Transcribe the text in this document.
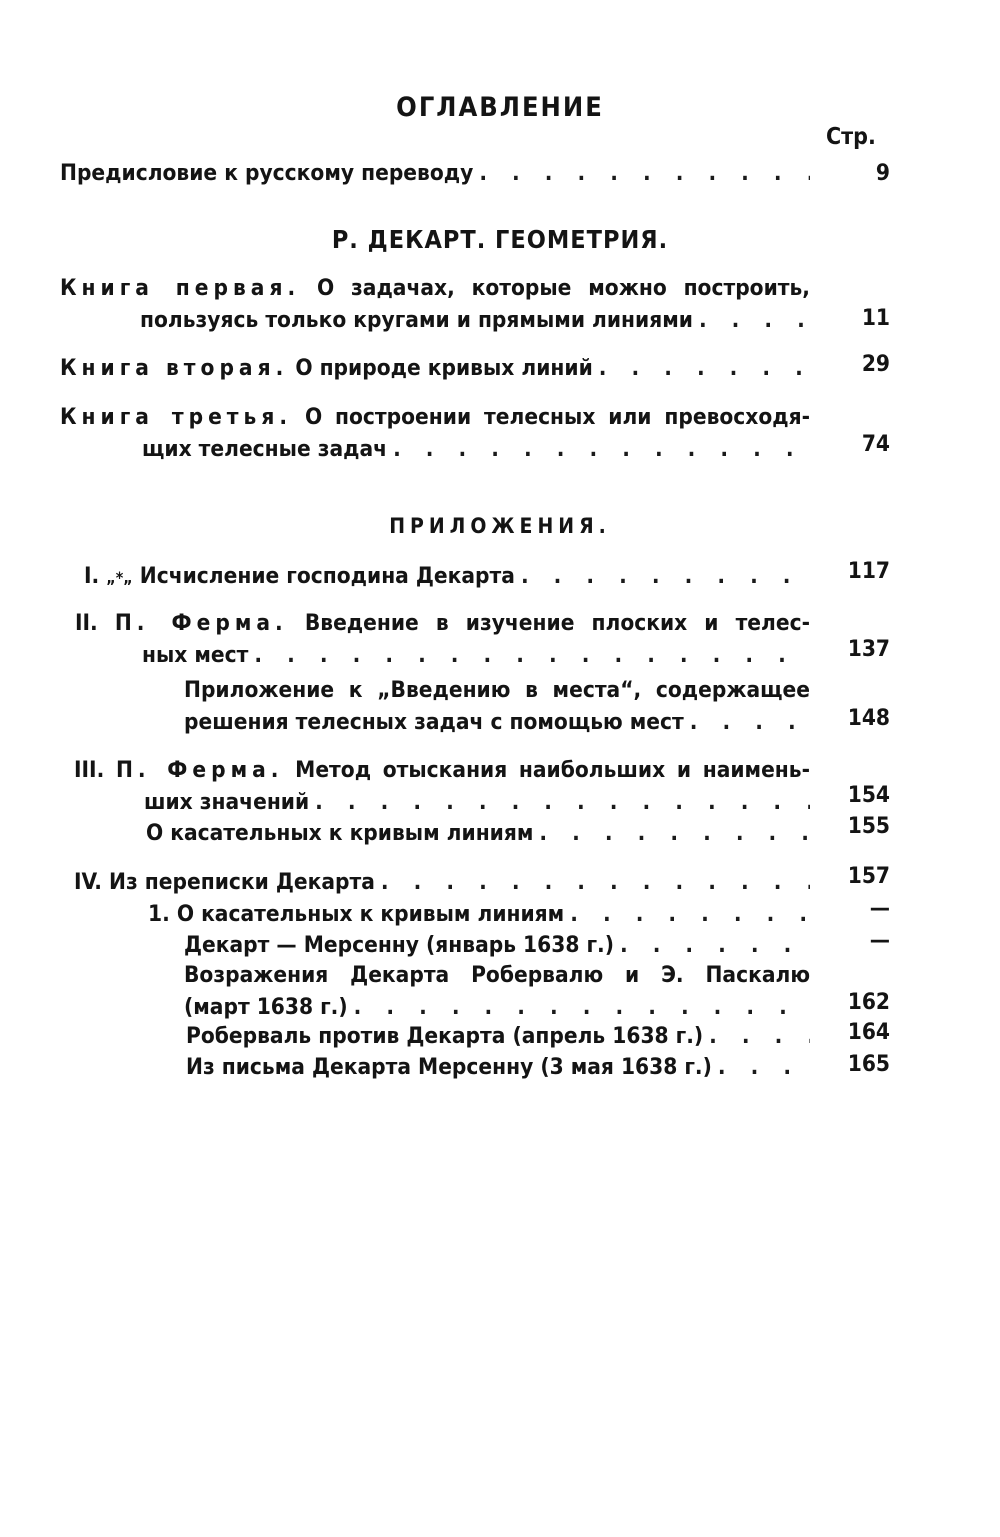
ОГЛАВЛЕНИЕ
Стр.
Предисловие к русскому переводу . . .	9
Р. ДЕКАРТ. ГЕОМЕТРИЯ.
Книга первая. О задачах, которые можно построить,
пользуясь только кругами и прямыми линиями . . .	11
Книга вторая. О природе кривых линий . . .	29
Книга третья. О построении телесных или превосходя-
щих телесные задач . . .	74
ПРИЛОЖЕНИЯ.
I. „*„ Исчисление господина Декарта . . .	117
II. П. Ферма. Введение в изучение плоских и телес-
ных мест . . .	137
Приложение к „Введению в места“, содержащее
решения телесных задач с помощью мест . . .	148
III. П. Ферма. Метод отыскания наибольших и наимень-
ших значений . . .	154
О касательных к кривым линиям . . .	155
IV. Из переписки Декарта . . .	157
1. О касательных к кривым линиям . . .	—
Декарт — Мерсенну (январь 1638 г.) . . .	—
Возражения Декарта Робервалю и Э. Паскалю
(март 1638 г.) . . .	162
Роберваль против Декарта (апрель 1638 г.) . . .	164
Из письма Декарта Мерсенну (3 мая 1638 г.) . . .	165
